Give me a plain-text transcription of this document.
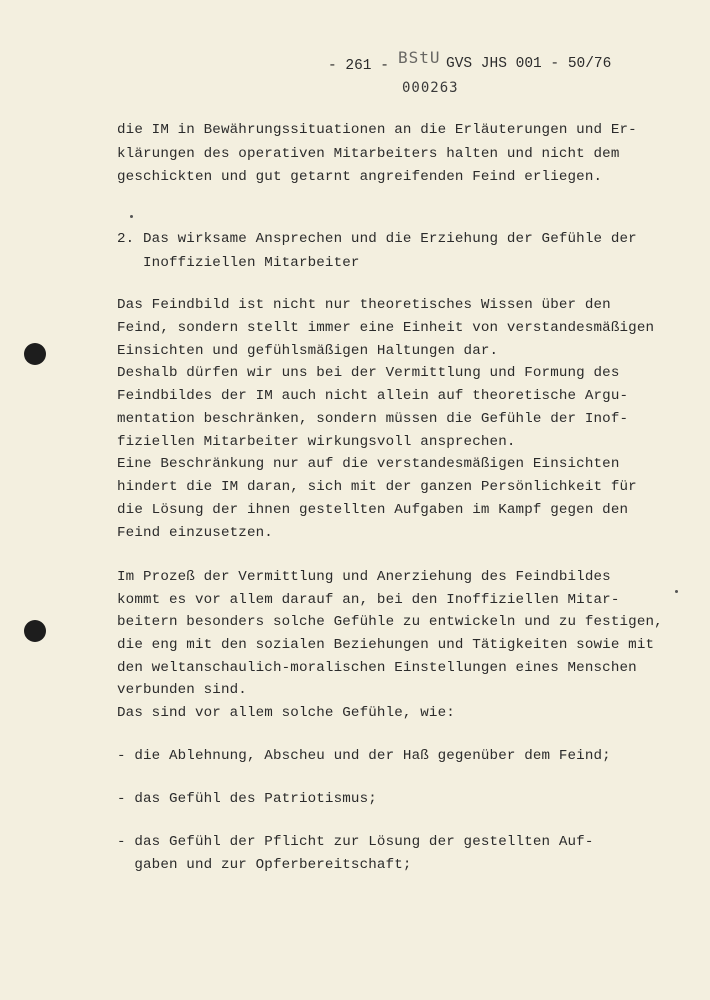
- 261 - BStU GVS JHS 001 - 50/76
000263
die IM in Bewährungssituationen an die Erläuterungen und Er-
klärungen des operativen Mitarbeiters halten und nicht dem
geschickten und gut getarnt angreifenden Feind erliegen.
2. Das wirksame Ansprechen und die Erziehung der Gefühle der
Inoffiziellen Mitarbeiter
Das Feindbild ist nicht nur theoretisches Wissen über den
Feind, sondern stellt immer eine Einheit von verstandesmäßigen
Einsichten und gefühlsmäßigen Haltungen dar.
Deshalb dürfen wir uns bei der Vermittlung und Formung des
Feindbildes der IM auch nicht allein auf theoretische Argu-
mentation beschränken, sondern müssen die Gefühle der Inof-
fiziellen Mitarbeiter wirkungsvoll ansprechen.
Eine Beschränkung nur auf die verstandesmäßigen Einsichten
hindert die IM daran, sich mit der ganzen Persönlichkeit für
die Lösung der ihnen gestellten Aufgaben im Kampf gegen den
Feind einzusetzen.
Im Prozeß der Vermittlung und Anerziehung des Feindbildes
kommt es vor allem darauf an, bei den Inoffiziellen Mitar-
beitern besonders solche Gefühle zu entwickeln und zu festigen,
die eng mit den sozialen Beziehungen und Tätigkeiten sowie mit
den weltanschaulich-moralischen Einstellungen eines Menschen
verbunden sind.
Das sind vor allem solche Gefühle, wie:
- die Ablehnung, Abscheu und der Haß gegenüber dem Feind;
- das Gefühl des Patriotismus;
- das Gefühl der Pflicht zur Lösung der gestellten Auf-
gaben und zur Opferbereitschaft;
